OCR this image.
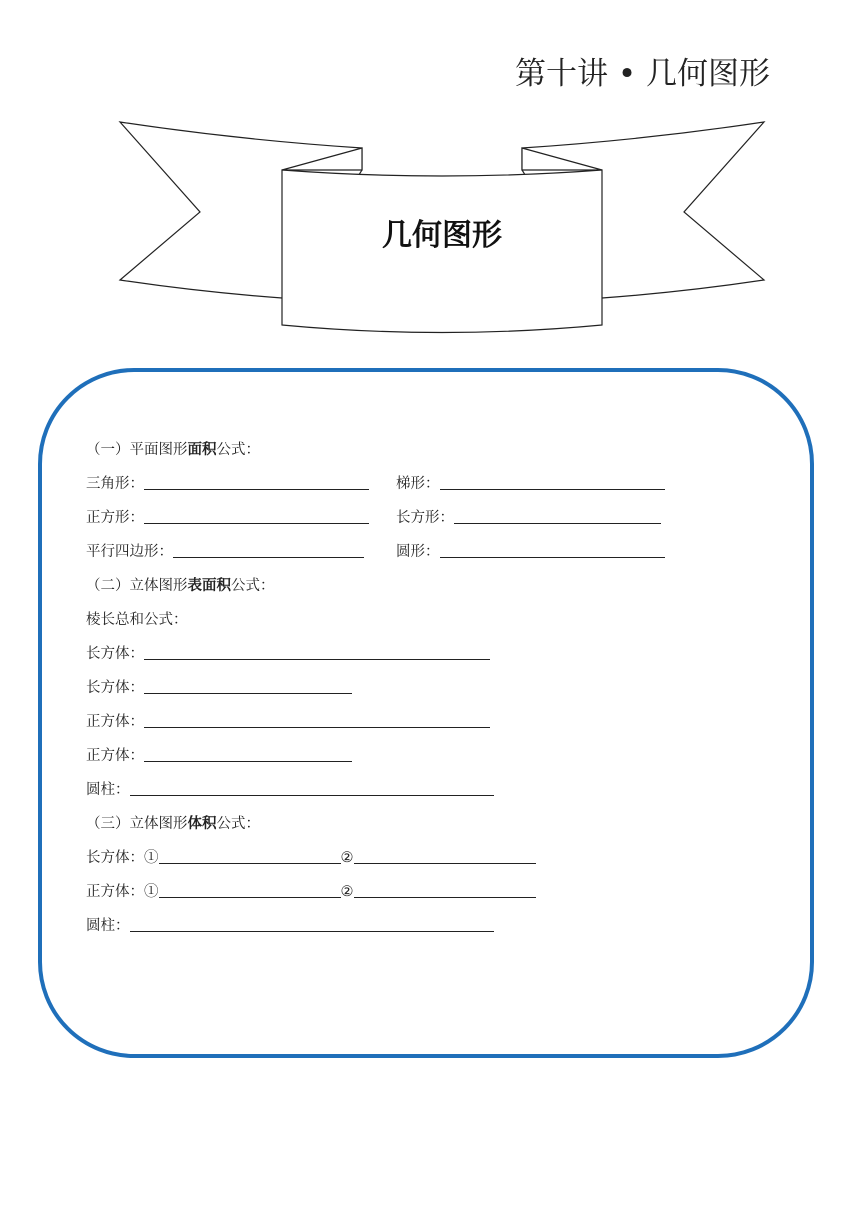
第十讲 • 几何图形
几何图形
（一）平面图形面积公式：
三角形：	梯形：
正方形：	长方形：
平行四边形：	圆形：
（二）立体图形表面积公式：
棱长总和公式：
长方体：
长方体：
正方体：
正方体：
圆柱：
（三）立体图形体积公式：
长方体：①	②
正方体：①	②
圆柱：
